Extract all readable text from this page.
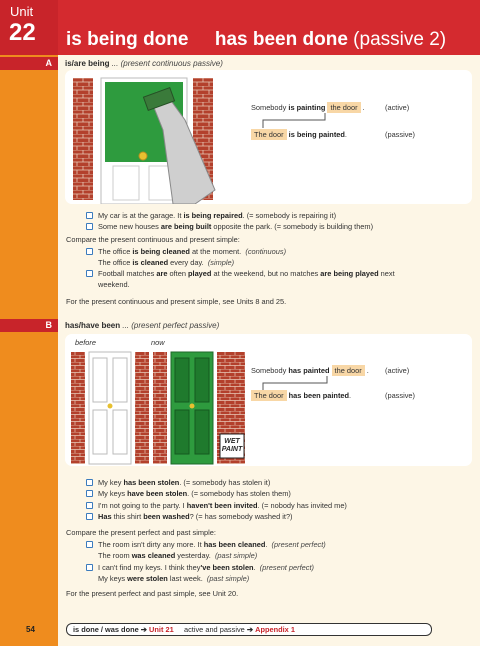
Unit
22 is being done has been done (passive 2)
A	is/are being ... (present continuous passive)
Somebody is painting the door .	(active)
The door is being painted.	(passive)
My car is at the garage. It is being repaired. (= somebody is repairing it)
Some new houses are being built opposite the park. (= somebody is building them)
Compare the present continuous and present simple:
The office is being cleaned at the moment. (continuous)
The office is cleaned every day. (simple)
Football matches are often played at the weekend, but no matches are being played next
weekend.
For the present continuous and present simple, see Units 8 and 25.
B	has/have been ... (present perfect passive)
before	now
WET
PAINT
Somebody has painted the door . (active)
The door has been painted.	(passive)
My key has been stolen. (= somebody has stolen it)
My keys have been stolen. (= somebody has stolen them)
I'm not going to the party. I haven't been invited. (= nobody has invited me)
Has this shirt been washed? (= has somebody washed it?)
Compare the present perfect and past simple:
The room isn't dirty any more. It has been cleaned. (present perfect)
The room was cleaned yesterday. (past simple)
I can't find my keys. I think they've been stolen. (present perfect)
My keys were stolen last week. (past simple)
For the present perfect and past simple, see Unit 20.
54	is done / was done ➔ Unit 21 active and passive ➔ Appendix 1
